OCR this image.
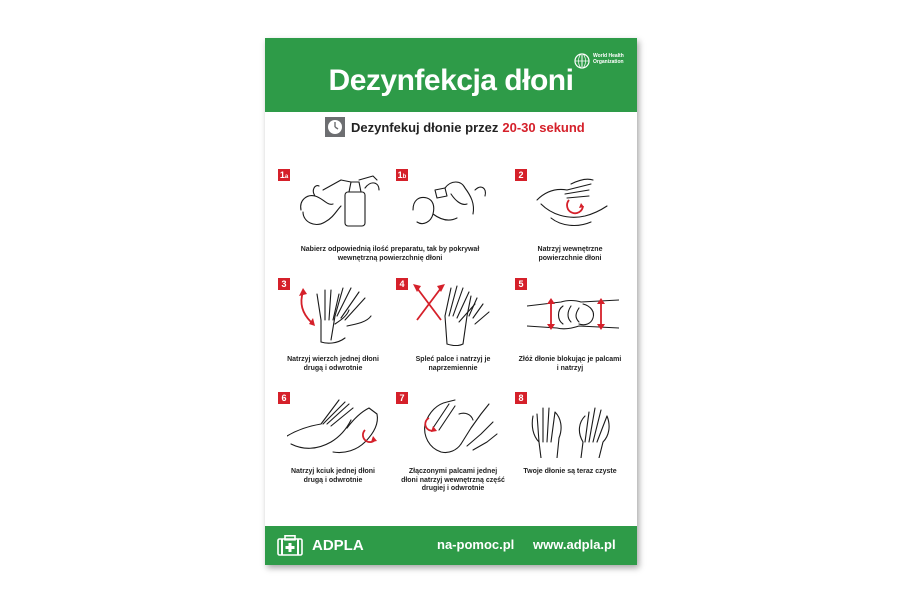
Dezynfekcja dłoni
World Health Organization
Dezynfekuj dłonie przez 20-30 sekund
1a	1b
Nabierz odpowiednią ilość preparatu, tak by pokrywał wewnętrzną powierzchnię dłoni
2
Natrzyj wewnętrzne powierzchnie dłoni
3
Natrzyj wierzch jednej dłoni drugą i odwrotnie
4
Spleć palce i natrzyj je naprzemiennie
5
Złóż dłonie blokując je palcami i natrzyj
6
Natrzyj kciuk jednej dłoni drugą i odwrotnie
7
Złączonymi palcami jednej dłoni natrzyj wewnętrzną część drugiej i odwrotnie
8
Twoje dłonie są teraz czyste
ADPLA	na-pomoc.pl www.adpla.pl
